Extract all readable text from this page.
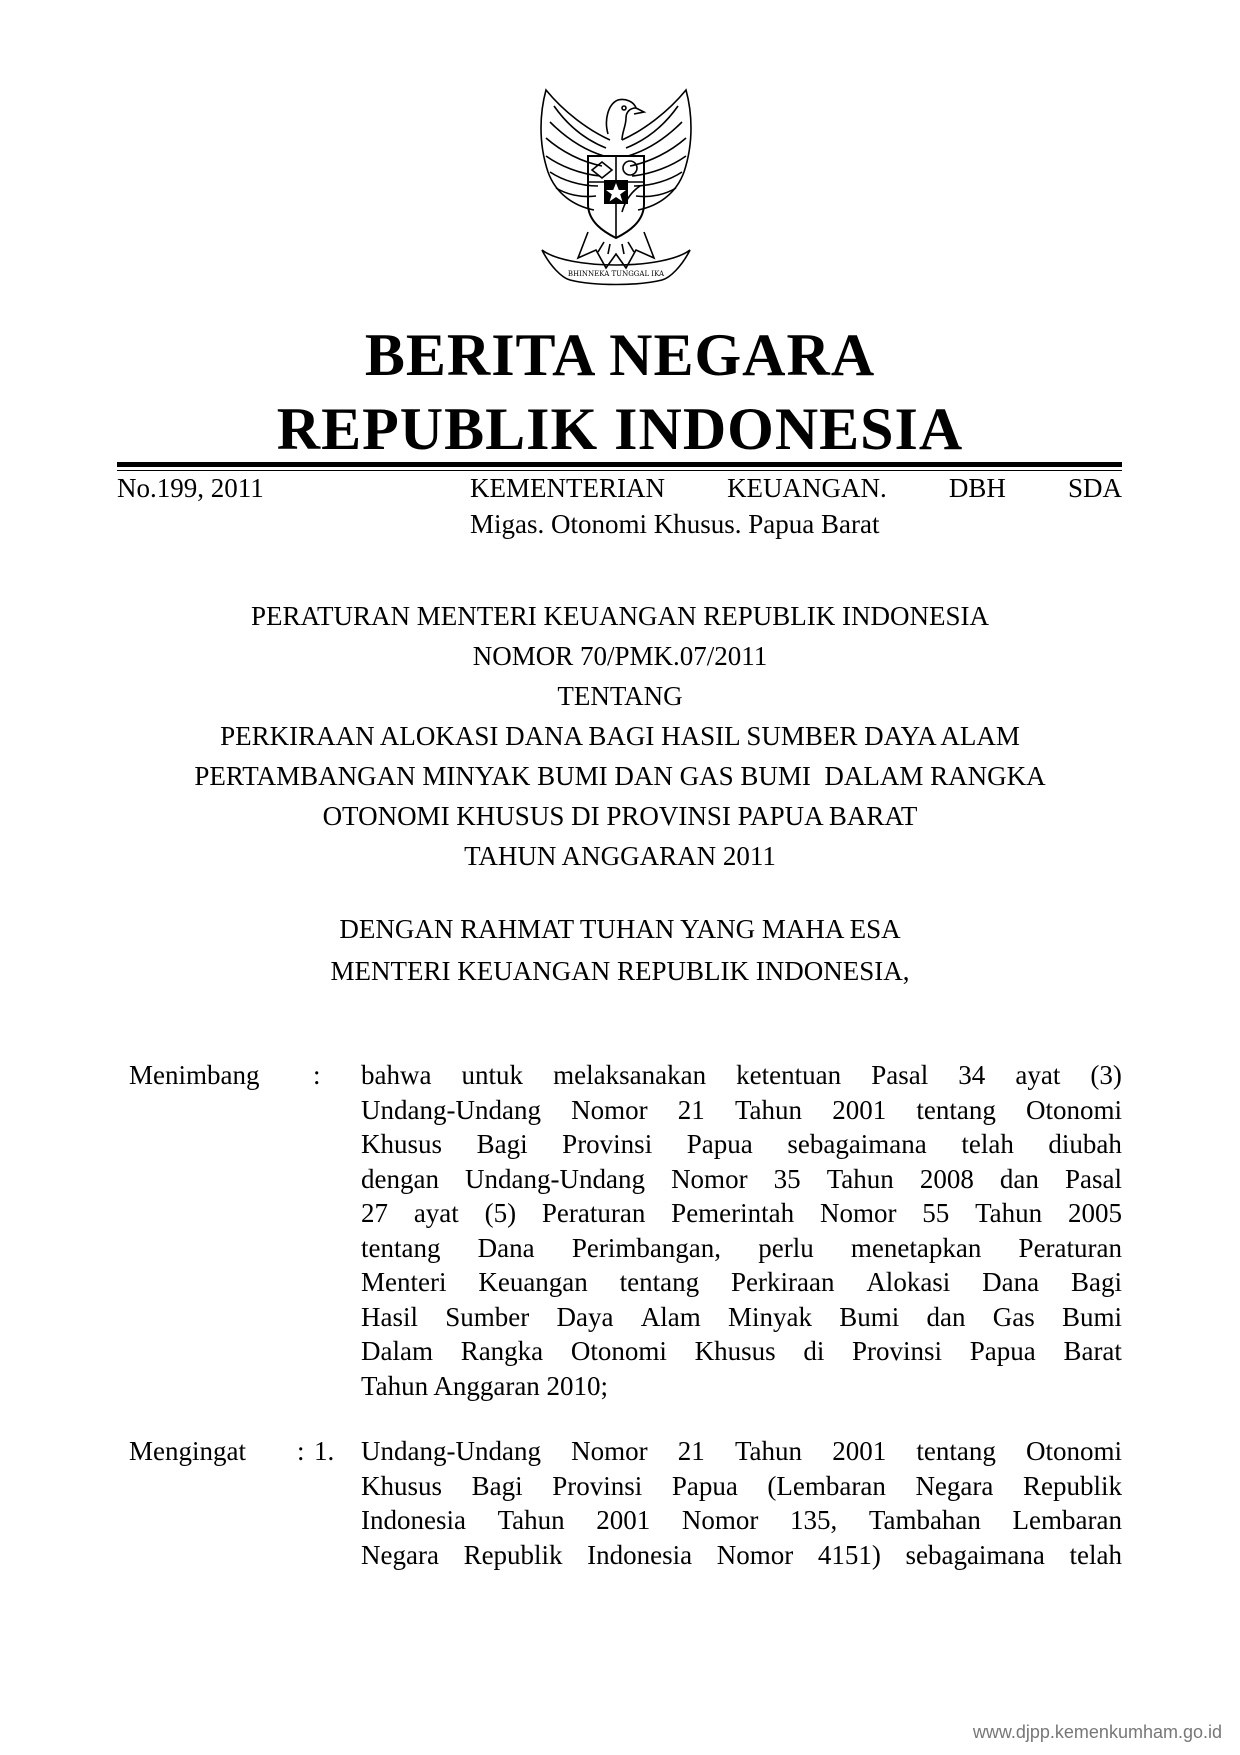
BHINNEKA TUNGGAL IKA
BERITA NEGARA
REPUBLIK INDONESIA
No.199, 2011	KEMENTERIAN KEUANGAN. DBH SDA
Migas. Otonomi Khusus. Papua Barat
PERATURAN MENTERI KEUANGAN REPUBLIK INDONESIA
NOMOR 70/PMK.07/2011
TENTANG
PERKIRAAN ALOKASI DANA BAGI HASIL SUMBER DAYA ALAM
PERTAMBANGAN MINYAK BUMI DAN GAS BUMI  DALAM RANGKA
OTONOMI KHUSUS DI PROVINSI PAPUA BARAT
TAHUN ANGGARAN 2011
DENGAN RAHMAT TUHAN YANG MAHA ESA
MENTERI KEUANGAN REPUBLIK INDONESIA,
Menimbang : bahwa untuk melaksanakan ketentuan Pasal 34 ayat (3)
Undang-Undang Nomor 21 Tahun 2001 tentang Otonomi
Khusus Bagi Provinsi Papua sebagaimana telah diubah
dengan Undang-Undang Nomor 35 Tahun 2008 dan Pasal
27 ayat (5) Peraturan Pemerintah Nomor 55 Tahun 2005
tentang Dana Perimbangan, perlu menetapkan Peraturan
Menteri Keuangan tentang Perkiraan Alokasi Dana Bagi
Hasil Sumber Daya Alam Minyak Bumi dan Gas Bumi
Dalam Rangka Otonomi Khusus di Provinsi Papua Barat
Tahun Anggaran 2010;
Mengingat : 1. Undang-Undang Nomor 21 Tahun 2001 tentang Otonomi
Khusus Bagi Provinsi Papua (Lembaran Negara Republik
Indonesia Tahun 2001 Nomor 135, Tambahan Lembaran
Negara Republik Indonesia Nomor 4151) sebagaimana telah
www.djpp.kemenkumham.go.id
